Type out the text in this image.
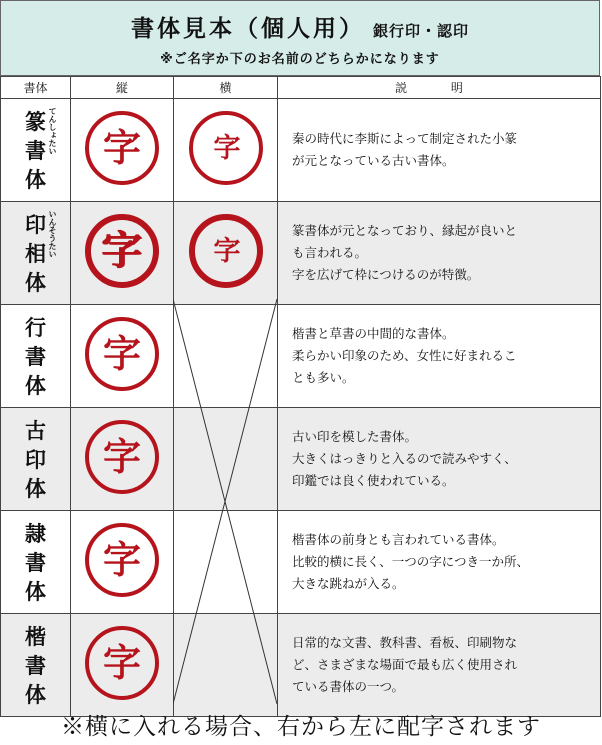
書体見本（個人用） 銀行印・認印
※ご名字か下のお名前のどちらかになります
書体	縦	横	説 明

篆
書
体
てんしょたい	字	字	秦の時代に李斯によって制定された小篆
が元となっている古い書体。

印
相
体
いんそうたい	字	字	篆書体が元となっており、縁起が良いと
も言われる。
字を広げて枠につけるのが特徴。

行
書
体	字		楷書と草書の中間的な書体。
柔らかい印象のため、女性に好まれるこ
とも多い。

古
印
体	字		古い印を模した書体。
大きくはっきりと入るので読みやすく、
印鑑では良く使われている。

隷
書
体	字		楷書体の前身とも言われている書体。
比較的横に長く、一つの字につき一か所、
大きな跳ねが入る。

楷
書
体	字		日常的な文書、教科書、看板、印刷物な
ど、さまざまな場面で最も広く使用され
ている書体の一つ。
※横に入れる場合、右から左に配字されます
